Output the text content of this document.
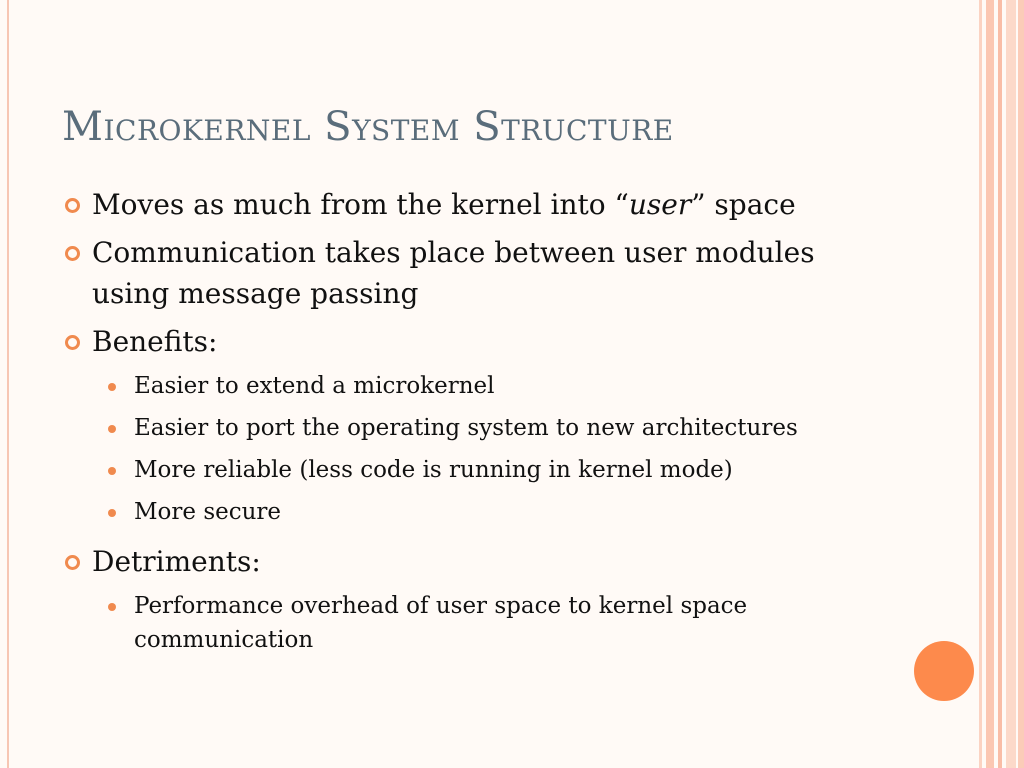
Microkernel System Structure
Moves as much from the kernel into “user” space
Communication takes place between user modules using message passing
Benefits:
Easier to extend a microkernel
Easier to port the operating system to new architectures
More reliable (less code is running in kernel mode)
More secure
Detriments:
Performance overhead of user space to kernel space communication
